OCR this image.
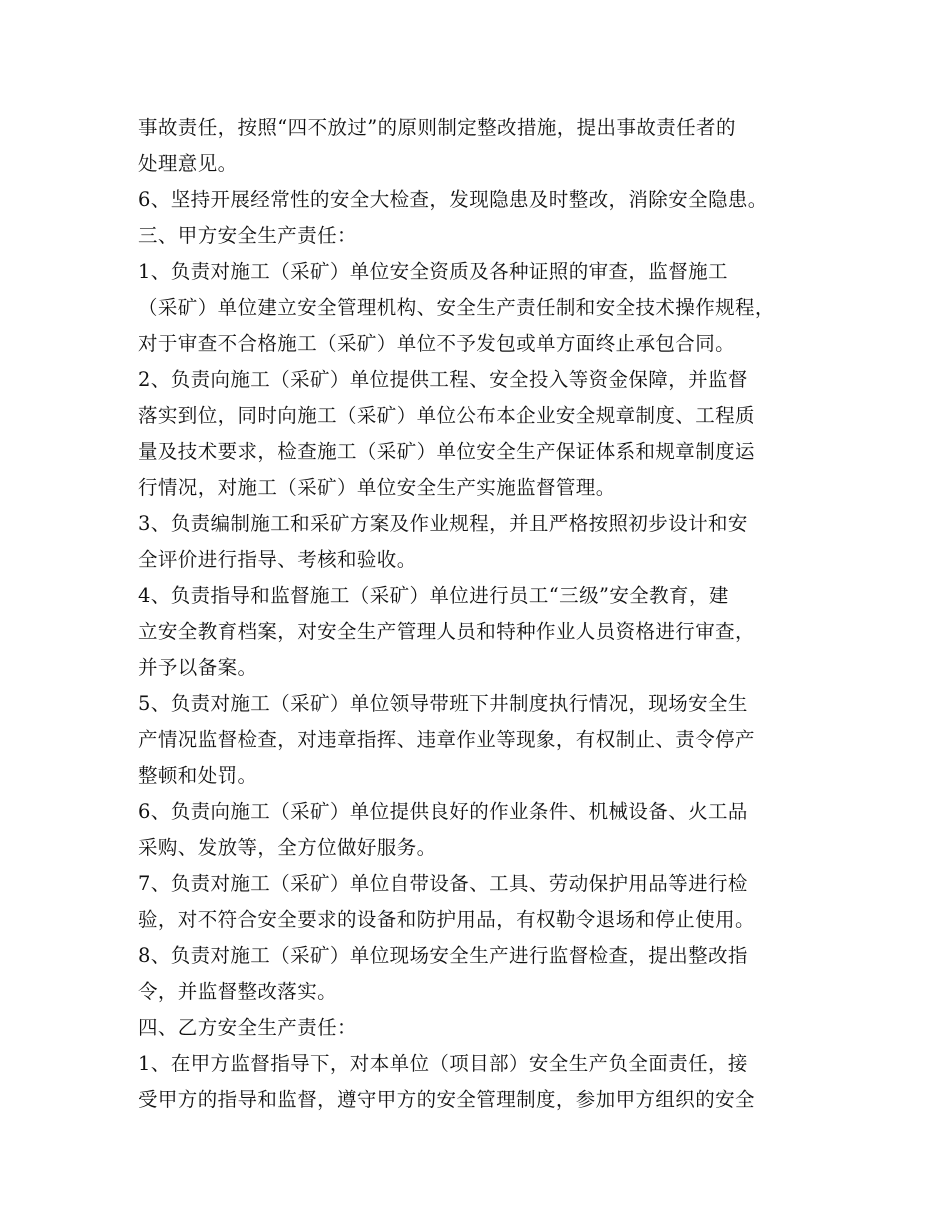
事故责任，按照“四不放过”的原则制定整改措施，提出事故责任者的
处理意见。
6、坚持开展经常性的安全大检查，发现隐患及时整改，消除安全隐患。
三、甲方安全生产责任：
1、负责对施工（采矿）单位安全资质及各种证照的审查，监督施工
（采矿）单位建立安全管理机构、安全生产责任制和安全技术操作规程，
对于审查不合格施工（采矿）单位不予发包或单方面终止承包合同。
2、负责向施工（采矿）单位提供工程、安全投入等资金保障，并监督
落实到位，同时向施工（采矿）单位公布本企业安全规章制度、工程质
量及技术要求，检查施工（采矿）单位安全生产保证体系和规章制度运
行情况，对施工（采矿）单位安全生产实施监督管理。
3、负责编制施工和采矿方案及作业规程，并且严格按照初步设计和安
全评价进行指导、考核和验收。
4、负责指导和监督施工（采矿）单位进行员工“三级”安全教育，建
立安全教育档案，对安全生产管理人员和特种作业人员资格进行审查，
并予以备案。
5、负责对施工（采矿）单位领导带班下井制度执行情况，现场安全生
产情况监督检查，对违章指挥、违章作业等现象，有权制止、责令停产
整顿和处罚。
6、负责向施工（采矿）单位提供良好的作业条件、机械设备、火工品
采购、发放等，全方位做好服务。
7、负责对施工（采矿）单位自带设备、工具、劳动保护用品等进行检
验，对不符合安全要求的设备和防护用品，有权勒令退场和停止使用。
8、负责对施工（采矿）单位现场安全生产进行监督检查，提出整改指
令，并监督整改落实。
四、乙方安全生产责任：
1、在甲方监督指导下，对本单位（项目部）安全生产负全面责任，接
受甲方的指导和监督，遵守甲方的安全管理制度，参加甲方组织的安全
